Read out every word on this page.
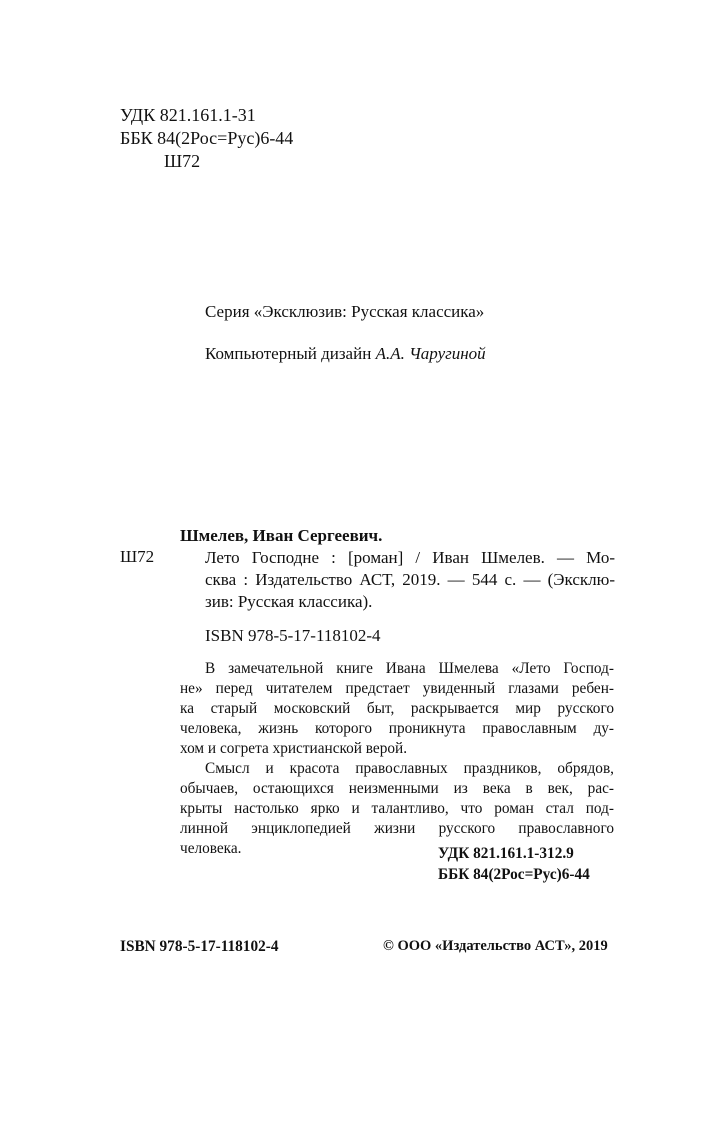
УДК 821.161.1-31
ББК 84(2Рос=Рус)6-44
Ш72
Серия «Эксклюзив: Русская классика»
Компьютерный дизайн А.А. Чаругиной
Шмелев, Иван Сергеевич.
Ш72	Лето Господне : [роман] / Иван Шмелев. — Мо-
сква : Издательство АСТ, 2019. — 544 с. — (Эксклю-
зив: Русская классика).
ISBN 978-5-17-118102-4
В замечательной книге Ивана Шмелева «Лето Господ-
не» перед читателем предстает увиденный глазами ребен-
ка старый московский быт, раскрывается мир русского
человека, жизнь которого проникнута православным ду-
хом и согрета христианской верой.
Смысл и красота православных праздников, обрядов,
обычаев, остающихся неизменными из века в век, рас-
крыты настолько ярко и талантливо, что роман стал под-
линной энциклопедией жизни русского православного
человека.	УДК 821.161.1-312.9
ББК 84(2Рос=Рус)6-44
ISBN 978-5-17-118102-4	© ООО «Издательство АСТ», 2019
